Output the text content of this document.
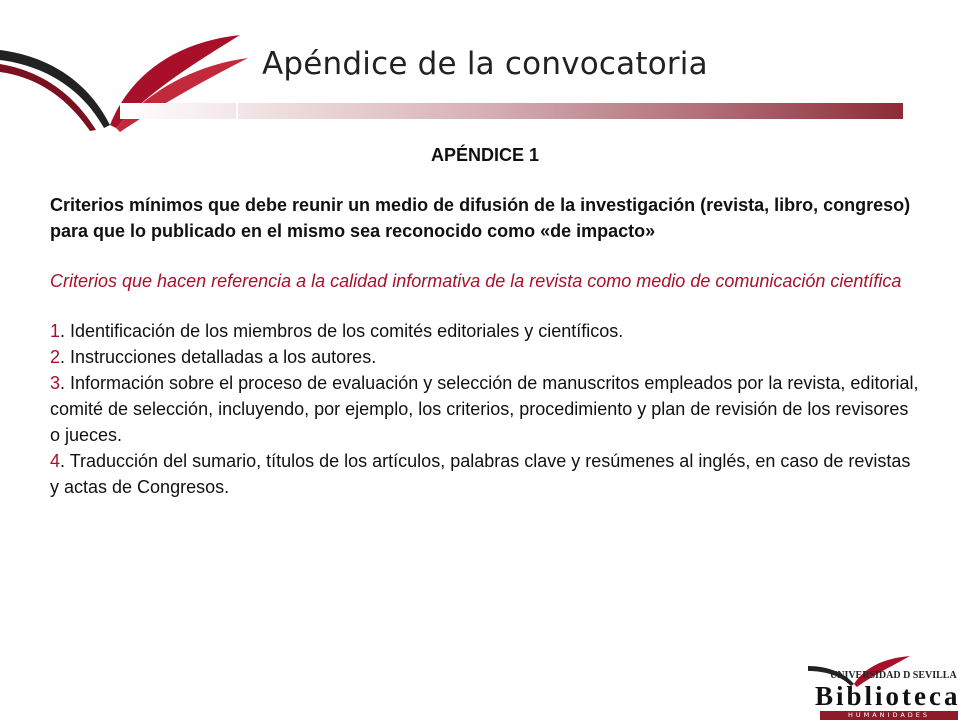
Apéndice de la convocatoria

APÉNDICE 1

Criterios mínimos que debe reunir un medio de difusión de la investigación (revista, libro, congreso) para que lo publicado en el mismo sea reconocido como «de impacto»

Criterios que hacen referencia a la calidad informativa de la revista como medio de comunicación científica

1. Identificación de los miembros de los comités editoriales y científicos.
2. Instrucciones detalladas a los autores.
3. Información sobre el proceso de evaluación y selección de manuscritos empleados por la revista, editorial, comité de selección, incluyendo, por ejemplo, los criterios, procedimiento y plan de revisión de los revisores o jueces.
4. Traducción del sumario, títulos de los artículos, palabras clave y resúmenes al inglés, en caso de revistas y actas de Congresos.
UNIVERSIDAD D SEVILLA
Biblioteca
HUMANIDADES
